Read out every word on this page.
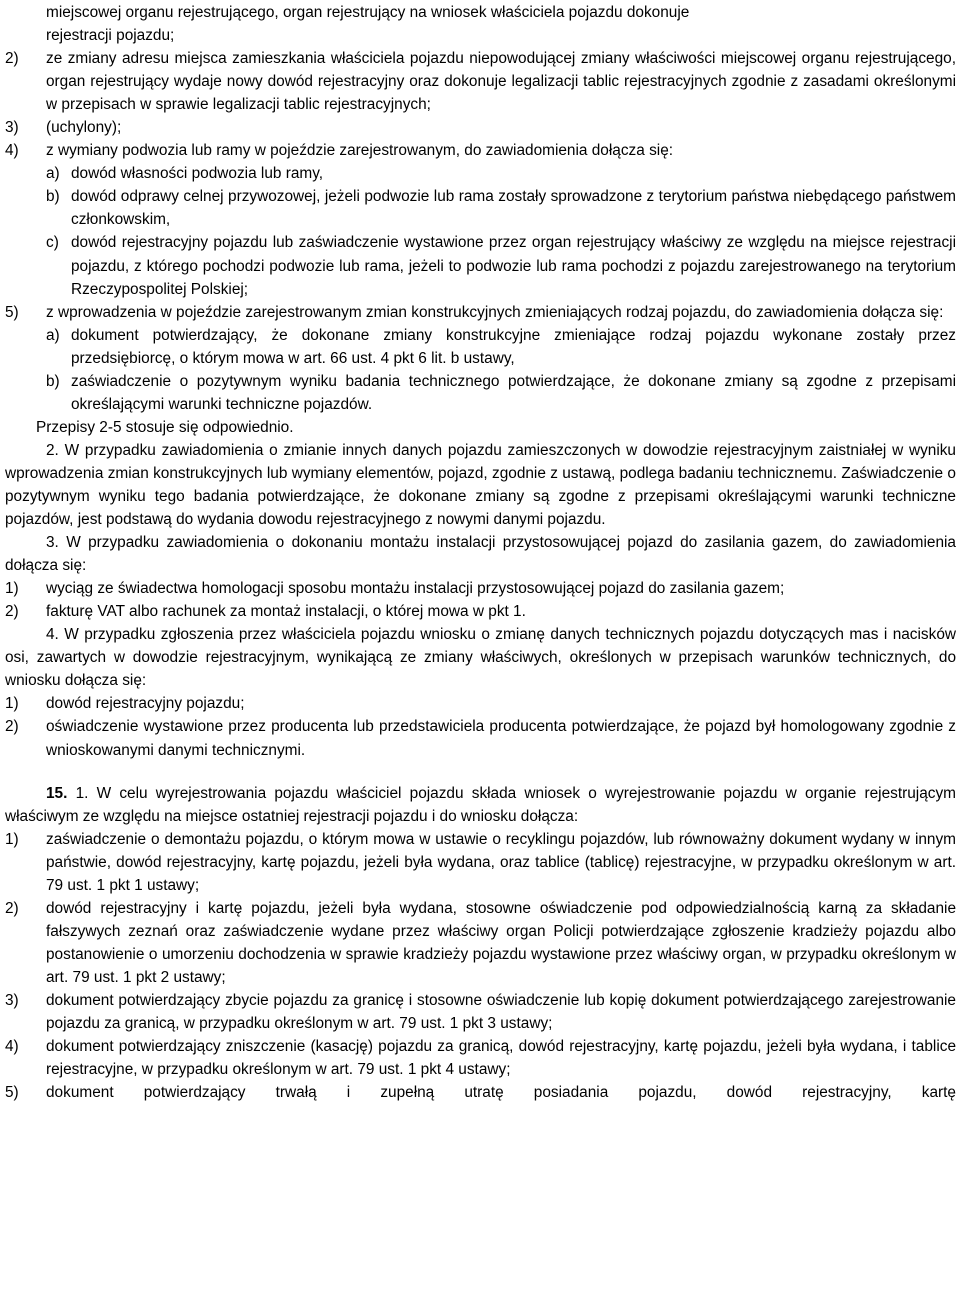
miejscowej organu rejestrującego, organ rejestrujący na wniosek właściciela pojazdu dokonuje

rejestracji pojazdu;

2)	ze zmiany adresu miejsca zamieszkania właściciela pojazdu niepowodującej zmiany właściwości miejscowej organu rejestrującego, organ rejestrujący wydaje nowy dowód rejestracyjny oraz dokonuje legalizacji tablic rejestracyjnych zgodnie z zasadami określonymi w przepisach w sprawie legalizacji tablic rejestracyjnych;

3)	(uchylony);

4)	z wymiany podwozia lub ramy w pojeździe zarejestrowanym, do zawiadomienia dołącza się:

a) dowód własności podwozia lub ramy,

b) dowód odprawy celnej przywozowej, jeżeli podwozie lub rama zostały sprowadzone z terytorium państwa niebędącego państwem członkowskim,

c) dowód rejestracyjny pojazdu lub zaświadczenie wystawione przez organ rejestrujący właściwy ze względu na miejsce rejestracji pojazdu, z którego pochodzi podwozie lub rama, jeżeli to podwozie lub rama pochodzi z pojazdu zarejestrowanego na terytorium Rzeczypospolitej Polskiej;

5)	z wprowadzenia w pojeździe zarejestrowanym zmian konstrukcyjnych zmieniających rodzaj pojazdu, do zawiadomienia dołącza się:

a) dokument potwierdzający, że dokonane zmiany konstrukcyjne zmieniające rodzaj pojazdu wykonane zostały przez przedsiębiorcę, o którym mowa w art. 66 ust. 4 pkt 6 lit. b ustawy,

b) zaświadczenie o pozytywnym wyniku badania technicznego potwierdzające, że dokonane zmiany są zgodne z przepisami określającymi warunki techniczne pojazdów.

Przepisy 2-5 stosuje się odpowiednio.

2. W przypadku zawiadomienia o zmianie innych danych pojazdu zamieszczonych w dowodzie rejestracyjnym zaistniałej w wyniku wprowadzenia zmian konstrukcyjnych lub wymiany elementów, pojazd, zgodnie z ustawą, podlega badaniu technicznemu. Zaświadczenie o pozytywnym wyniku tego badania potwierdzające, że dokonane zmiany są zgodne z przepisami określającymi warunki techniczne pojazdów, jest podstawą do wydania dowodu rejestracyjnego z nowymi danymi pojazdu.

3. W przypadku zawiadomienia o dokonaniu montażu instalacji przystosowującej pojazd do zasilania gazem, do zawiadomienia dołącza się:

1)	wyciąg ze świadectwa homologacji sposobu montażu instalacji przystosowującej pojazd do zasilania gazem;

2)	fakturę VAT albo rachunek za montaż instalacji, o której mowa w pkt 1.

4. W przypadku zgłoszenia przez właściciela pojazdu wniosku o zmianę danych technicznych pojazdu dotyczących mas i nacisków osi, zawartych w dowodzie rejestracyjnym, wynikającą ze zmiany właściwych, określonych w przepisach warunków technicznych, do wniosku dołącza się:

1)	dowód rejestracyjny pojazdu;

2)	oświadczenie wystawione przez producenta lub przedstawiciela producenta potwierdzające, że pojazd był homologowany zgodnie z wnioskowanymi danymi technicznymi.

15. 1. W celu wyrejestrowania pojazdu właściciel pojazdu składa wniosek o wyrejestrowanie pojazdu w organie rejestrującym właściwym ze względu na miejsce ostatniej rejestracji pojazdu i do wniosku dołącza:

1)	zaświadczenie o demontażu pojazdu, o którym mowa w ustawie o recyklingu pojazdów, lub równoważny dokument wydany w innym państwie, dowód rejestracyjny, kartę pojazdu, jeżeli była wydana, oraz tablice (tablicę) rejestracyjne, w przypadku określonym w art. 79 ust. 1 pkt 1 ustawy;

2)	dowód rejestracyjny i kartę pojazdu, jeżeli była wydana, stosowne oświadczenie pod odpowiedzialnością karną za składanie fałszywych zeznań oraz zaświadczenie wydane przez właściwy organ Policji potwierdzające zgłoszenie kradzieży pojazdu albo postanowienie o umorzeniu dochodzenia w sprawie kradzieży pojazdu wystawione przez właściwy organ, w przypadku określonym w art. 79 ust. 1 pkt 2 ustawy;

3)	dokument potwierdzający zbycie pojazdu za granicę i stosowne oświadczenie lub kopię dokument potwierdzającego zarejestrowanie pojazdu za granicą, w przypadku określonym w art. 79 ust. 1 pkt 3 ustawy;

4)	dokument potwierdzający zniszczenie (kasację) pojazdu za granicą, dowód rejestracyjny, kartę pojazdu, jeżeli była wydana, i tablice rejestracyjne, w przypadku określonym w art. 79 ust. 1 pkt 4 ustawy;

5)	dokument potwierdzający trwałą i zupełną utratę posiadania pojazdu, dowód rejestracyjny, kartę
